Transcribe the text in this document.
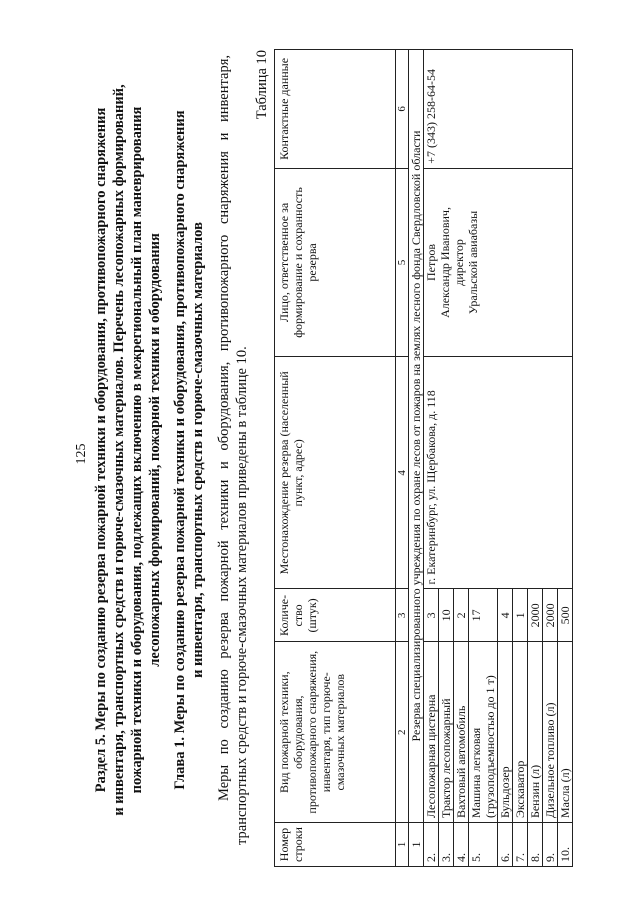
125 Раздел 5. Меры по созданию резерва пожарной техники и оборудования, противопожарного снаряжения и инвентаря, транспортных средств и горюче-смазочных материалов. Перечень лесопожарных формирований, пожарной техники и оборудования, подлежащих включению в межрегиональный план маневрирования лесопожарных формирований, пожарной техники и оборудования Глава 1. Меры по созданию резерва пожарной техники и оборудования, противопожарного снаряжения и инвентаря, транспортных средств и горюче-смазочных материалов Меры по созданию резерва пожарной техники и оборудования, противопожарного снаряжения и инвентаря, транспортных средств и горюче-смазочных материалов приведены в таблице 10.
Таблица 10
Номер строки	Вид пожарной техники, оборудования, противопожарного снаряжения, инвентаря, тип горюче-смазочных материалов	Количе-ство (штук)	Местонахождение резерва (населенный пункт, адрес)	Лицо, ответственное за формирование и сохранность резерва	Контактные данные
1	2	3	4	5	6
1	Резерва специализированного учреждения по охране лесов от пожаров на землях лесного фонда Свердловской области				
2.	Лесопожарная цистерна	3	г. Екатеринбург, ул. Щербакова, д. 118	Петров Александр Иванович, директор Уральской авиабазы	+7 (343) 258-64-54
3.	Трактор лесопожарный	10			
4.	Вахтовый автомобиль	2			
5.	Машина легковая (грузоподъемностью до 1 т)	17			
6.	Бульдозер	4			
7.	Экскаватор	1			
8.	Бензин (л)	2000			
9.	Дизельное топливо (л)	2000			
10.	Масла (л)	500			
